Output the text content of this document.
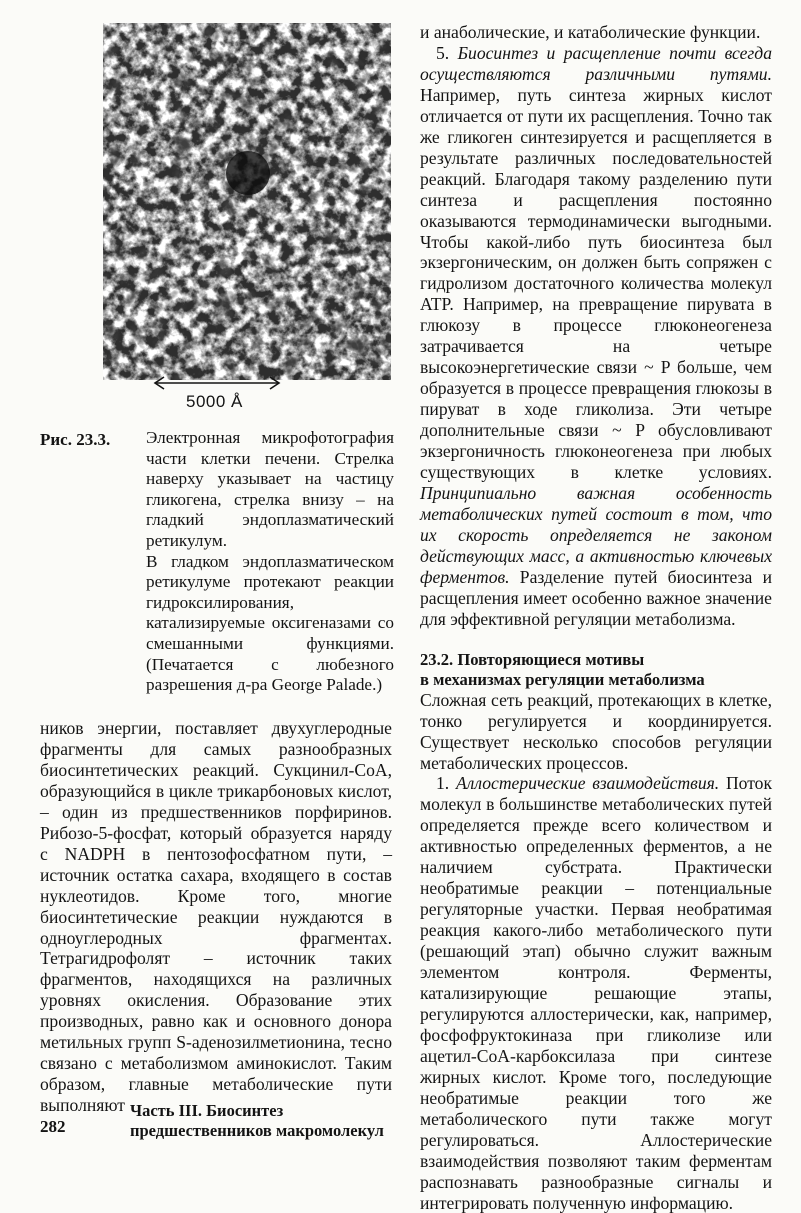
5000 Å
Рис. 23.3. Электронная микрофотография части клетки печени. Стрелка наверху указывает на частицу гликогена, стрелка внизу – на гладкий эндоплазматический ретикулум.

В гладком эндоплазматическом ретикулуме протекают реакции гидроксилирования, катализируемые оксигеназами со смешанными функциями. (Печатается с любезного разрешения д-ра George Palade.)

ников энергии, поставляет двухуглеродные фрагменты для самых разнообразных биосинтетических реакций. Сукцинил-СоА, образующийся в цикле трикарбоновых кислот, – один из предшественников порфиринов. Рибозо-5-фосфат, который образуется наряду с NADPH в пентозофосфатном пути, – источник остатка сахара, входящего в состав нуклеотидов. Кроме того, многие биосинтетические реакции нуждаются в одноуглеродных фрагментах. Тетрагидрофолят – источник таких фрагментов, находящихся на различных уровнях окисления. Образование этих производных, равно как и основного донора метильных групп S-аденозилметионина, тесно связано с метаболизмом аминокислот. Таким образом, главные метаболические пути выполняют

и анаболические, и катаболические функции.

5. Биосинтез и расщепление почти всегда осуществляются различными путями. Например, путь синтеза жирных кислот отличается от пути их расщепления. Точно так же гликоген синтезируется и расщепляется в результате различных последовательностей реакций. Благодаря такому разделению пути синтеза и расщепления постоянно оказываются термодинамически выгодными. Чтобы какой-либо путь биосинтеза был экзергоническим, он должен быть сопряжен с гидролизом достаточного количества молекул ATP. Например, на превращение пирувата в глюкозу в процессе глюконеогенеза затрачивается на четыре высокоэнергетические связи ~ P больше, чем образуется в процессе превращения глюкозы в пируват в ходе гликолиза. Эти четыре дополнительные связи ~ P обусловливают экзергоничность глюконеогенеза при любых существующих в клетке условиях. Принципиально важная особенность метаболических путей состоит в том, что их скорость определяется не законом действующих масс, а активностью ключевых ферментов. Разделение путей биосинтеза и расщепления имеет особенно важное значение для эффективной регуляции метаболизма.

23.2. Повторяющиеся мотивы
в механизмах регуляции метаболизма

Сложная сеть реакций, протекающих в клетке, тонко регулируется и координируется. Существует несколько способов регуляции метаболических процессов.

1. Аллостерические взаимодействия. Поток молекул в большинстве метаболических путей определяется прежде всего количеством и активностью определенных ферментов, а не наличием субстрата. Практически необратимые реакции – потенциальные регуляторные участки. Первая необратимая реакция какого-либо метаболического пути (решающий этап) обычно служит важным элементом контроля. Ферменты, катализирующие решающие этапы, регулируются аллостерически, как, например, фосфофруктокиназа при гликолизе или ацетил-СоА-карбоксилаза при синтезе жирных кислот. Кроме того, последующие необратимые реакции того же метаболического пути также могут регулироваться. Аллостерические взаимодействия позволяют таким ферментам распознавать разнообразные сигналы и интегрировать полученную информацию.

282
Часть III. Биосинтез
предшественников макромолекул
